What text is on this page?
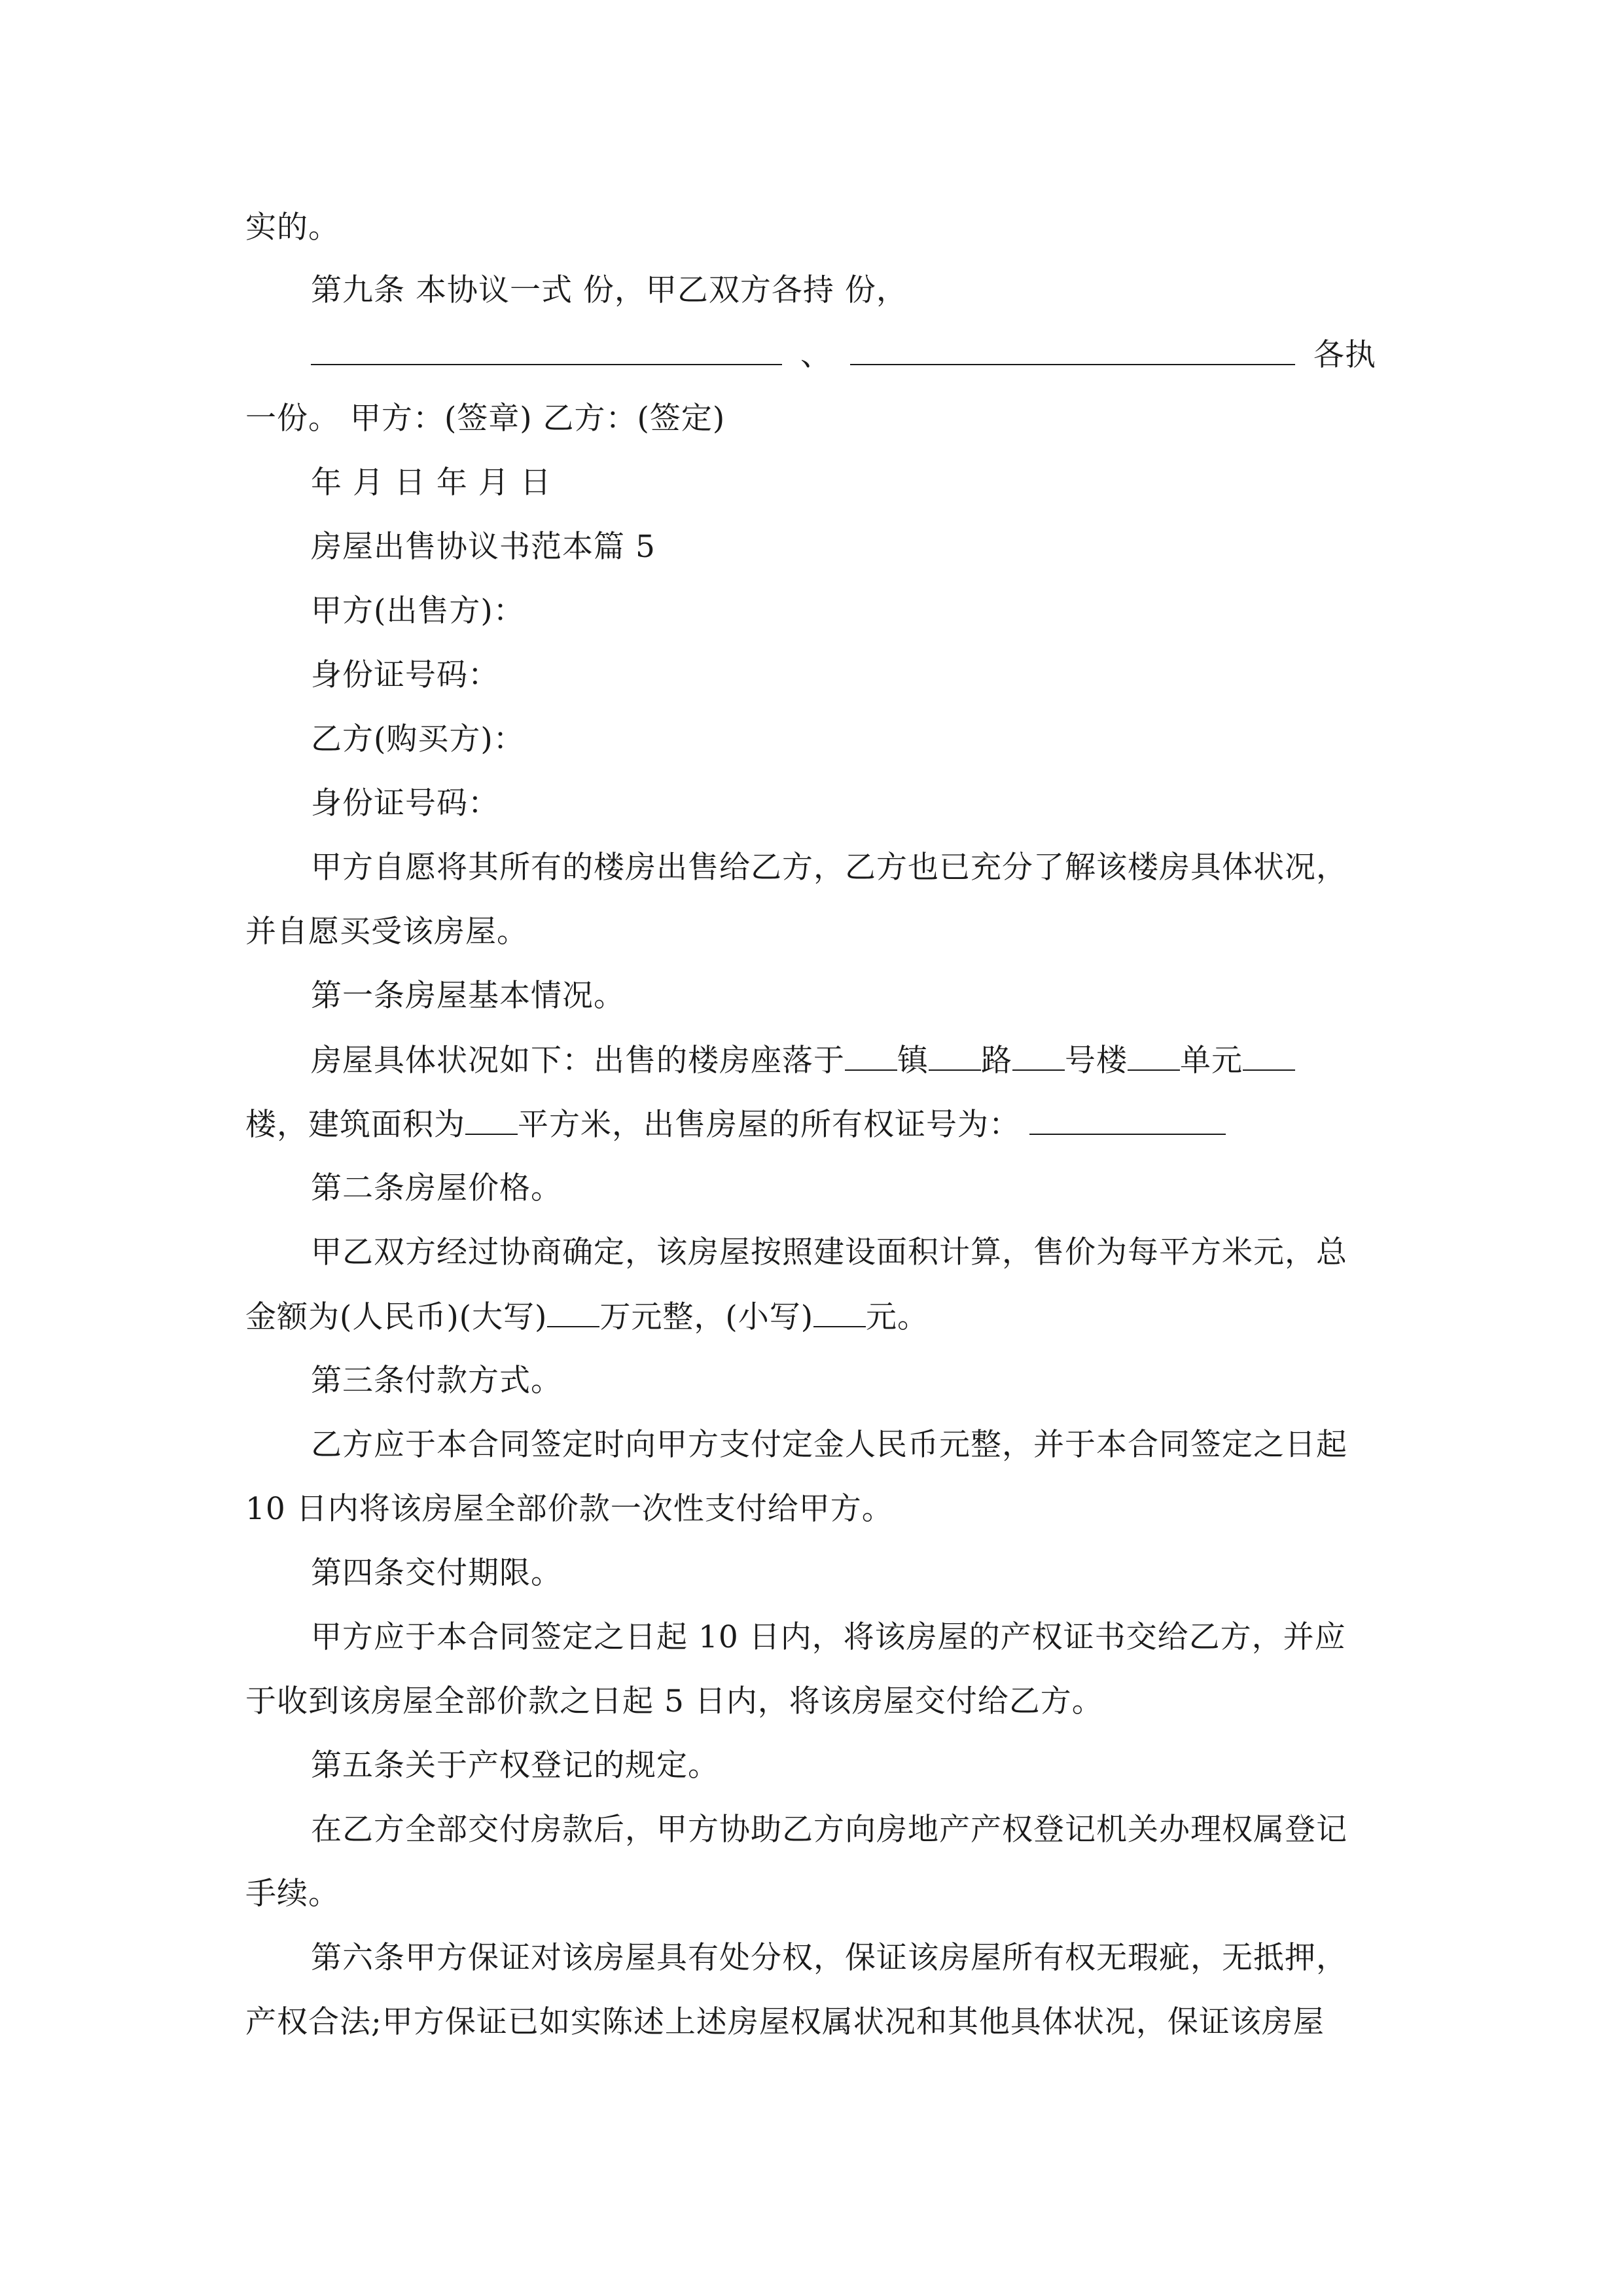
实的。
第九条 本协议一式 份，甲乙双方各持 份，
、	各执
一份。 甲方：(签章) 乙方：(签定)
年 月 日 年 月 日
房屋出售协议书范本篇 5
甲方(出售方)：
身份证号码：
乙方(购买方)：
身份证号码：
甲方自愿将其所有的楼房出售给乙方，乙方也已充分了解该楼房具体状况，
并自愿买受该房屋。
第一条房屋基本情况。
房屋具体状况如下：出售的楼房座落于 镇 路 号楼 单元
楼，建筑面积为 平方米，出售房屋的所有权证号为：
第二条房屋价格。
甲乙双方经过协商确定，该房屋按照建设面积计算，售价为每平方米元，总
金额为(人民币)(大写) 万元整，(小写) 元。
第三条付款方式。
乙方应于本合同签定时向甲方支付定金人民币元整，并于本合同签定之日起
10 日内将该房屋全部价款一次性支付给甲方。
第四条交付期限。
甲方应于本合同签定之日起 10 日内，将该房屋的产权证书交给乙方，并应
于收到该房屋全部价款之日起 5 日内，将该房屋交付给乙方。
第五条关于产权登记的规定。
在乙方全部交付房款后，甲方协助乙方向房地产产权登记机关办理权属登记
手续。
第六条甲方保证对该房屋具有处分权，保证该房屋所有权无瑕疵，无抵押，
产权合法;甲方保证已如实陈述上述房屋权属状况和其他具体状况，保证该房屋
